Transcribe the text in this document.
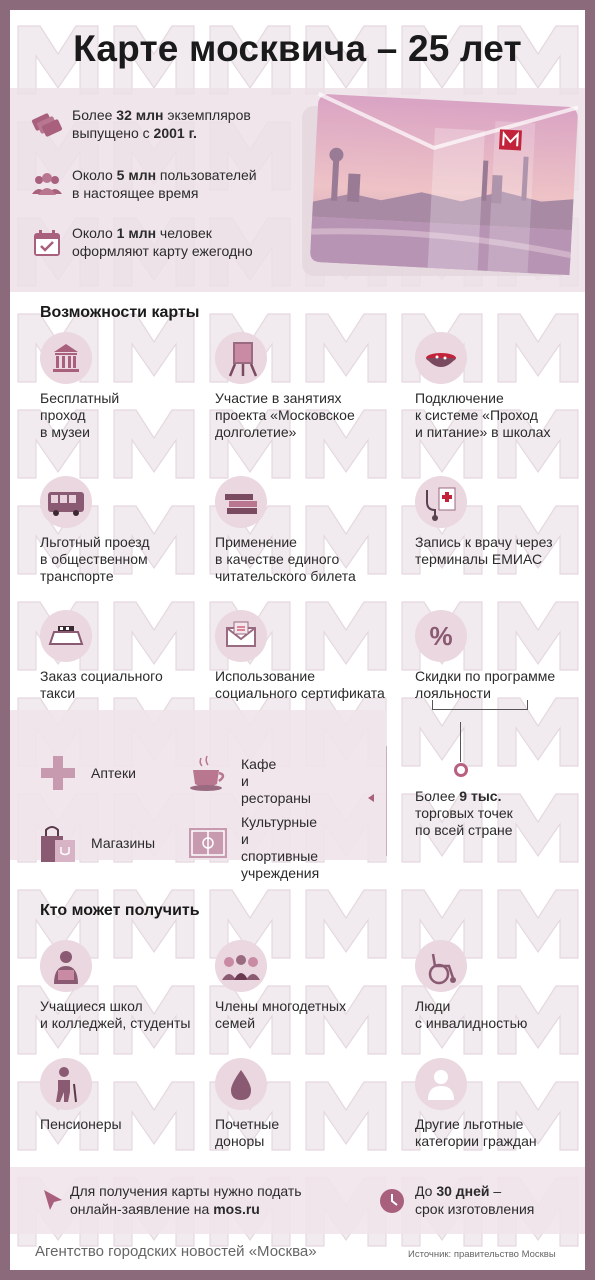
Карте москвича – 25 лет
Более 32 млн экземпляров
выпущено с 2001 г.
Около 5 млн пользователей
в настоящее время
Около 1 млн человек
оформляют карту ежегодно
Возможности карты
Бесплатный
проход
в музеи
Участие в занятиях
проекта «Московское
долголетие»
Подключение
к системе «Проход
и питание» в школах
Льготный проезд
в общественном
транспорте
Применение
в качестве единого
читательского билета
Запись к врачу через
терминалы ЕМИАС
Заказ социального
такси
Использование
социального сертификата
%
Скидки по программе
лояльности
Аптеки
Кафе
и рестораны
Магазины
Культурные
и спортивные
учреждения
Более 9 тыс.
торговых точек
по всей стране
Кто может получить
Учащиеся школ
и колледжей, студенты
Члены многодетных
семей
Люди
с инвалидностью
Пенсионеры	Почетные
доноры
Другие льготные
категории граждан
Для получения карты нужно подать
онлайн-заявление на mos.ru
До 30 дней –
срок изготовления
Агентство городских новостей «Москва»	Источник: правительство Москвы
